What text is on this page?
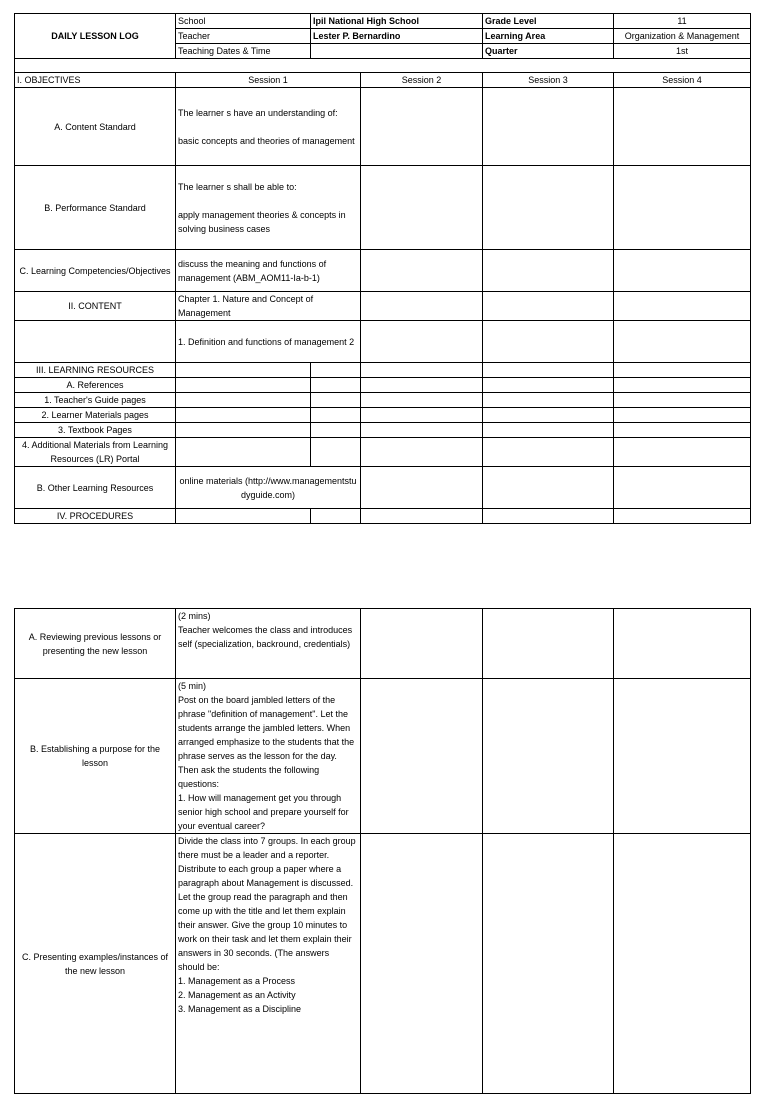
DAILY LESSON LOG	School	Ipil National High School		Grade Level	11
	Teacher	Lester P. Bernardino		Learning Area	Organization & Management
	Teaching Dates & Time			Quarter	1st

I. OBJECTIVES	Session 1		Session 2	Session 3	Session 4
A. Content Standard	The learner s have an understanding of:
basic concepts and theories of management				

B. Performance Standard	The learner s shall be able to:
apply management theories & concepts in solving business cases				

C. Learning Competencies/Objectives	discuss the meaning and functions of management (ABM_AOM11-Ia-b-1)				
II. CONTENT	Chapter 1. Nature and Concept of Management				
	1. Definition and functions of management 2				
III. LEARNING RESOURCES					
A. References					
1. Teacher's Guide pages					
2. Learner Materials pages					
3. Textbook Pages					
4. Additional Materials from Learning Resources (LR) Portal					
B. Other Learning Resources	online materials (http://www.managementstudyguide.com)				
IV. PROCEDURES					
A. Reviewing previous lessons or presenting the new lesson	(2 mins)
Teacher welcomes the class and introduces self (specialization, backround, credentials)			

B. Establishing a purpose for the lesson	(5 min)
Post on the board jambled letters of the phrase "definition of management". Let the students arrange the jambled letters. When arranged emphasize to the students that the phrase serves as the lesson for the day. Then ask the students the following questions:
1. How will management get you through senior high school and prepare yourself for your eventual career?			

C. Presenting examples/instances of the new lesson	Divide the class into 7 groups. In each group there must be a leader and a reporter. Distribute to each group a paper where a paragraph about Management is discussed. Let the group read the paragraph and then come up with the title and let them explain their answer. Give the group 10 minutes to work on their task and let them explain their answers in 30 seconds. (The answers should be:
1. Management as a Process
2. Management as an Activity
3. Management as a Discipline			
